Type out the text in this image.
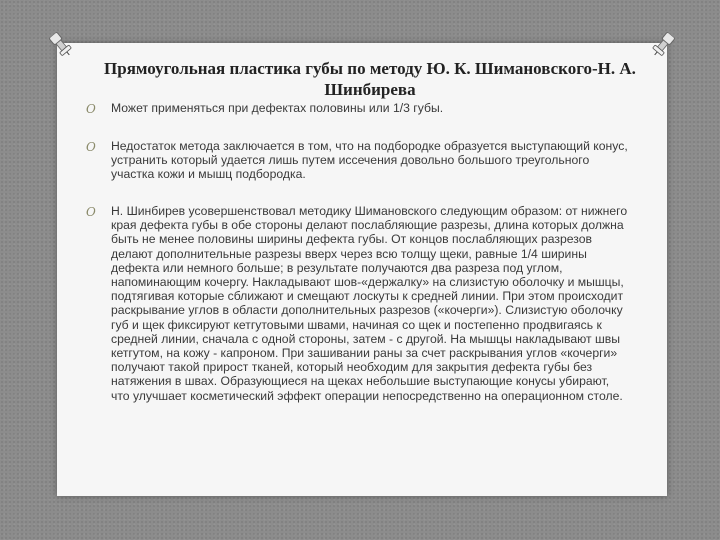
Прямоугольная пластика губы по методу Ю. К. Шимановского-Н. А. Шинбирева
O Может применяться при дефектах половины или 1/3 губы.

O Недостаток метода заключается в том, что на подбородке образуется выступающий конус, устранить который удается лишь путем иссечения довольно большого треугольного участка кожи и мышц подбородка.

O Н. Шинбирев усовершенствовал методику Шимановского следующим образом: от нижнего края дефекта губы в обе стороны делают послабляющие разрезы, длина которых должна быть не менее половины ширины дефекта губы. От концов послабляющих разрезов делают дополнительные разрезы вверх через всю толщу щеки, равные 1/4 ширины дефекта или немного больше; в результате получаются два разреза под углом, напоминающим кочергу. Накладывают шов-«держалку» на слизистую оболочку и мышцы, подтягивая которые сближают и смещают лоскуты к средней линии. При этом происходит раскрывание углов в области дополнительных разрезов («кочерги»). Слизистую оболочку губ и щек фиксируют кетгутовыми швами, начиная со щек и постепенно продвигаясь к средней линии, сначала с одной стороны, затем - с другой. На мышцы накладывают швы кетгутом, на кожу - капроном. При зашивании раны за счет раскрывания углов «кочерги» получают такой прирост тканей, который необходим для закрытия дефекта губы без натяжения в швах. Образующиеся на щеках небольшие выступающие конусы убирают, что улучшает косметический эффект операции непосредственно на операционном столе.
